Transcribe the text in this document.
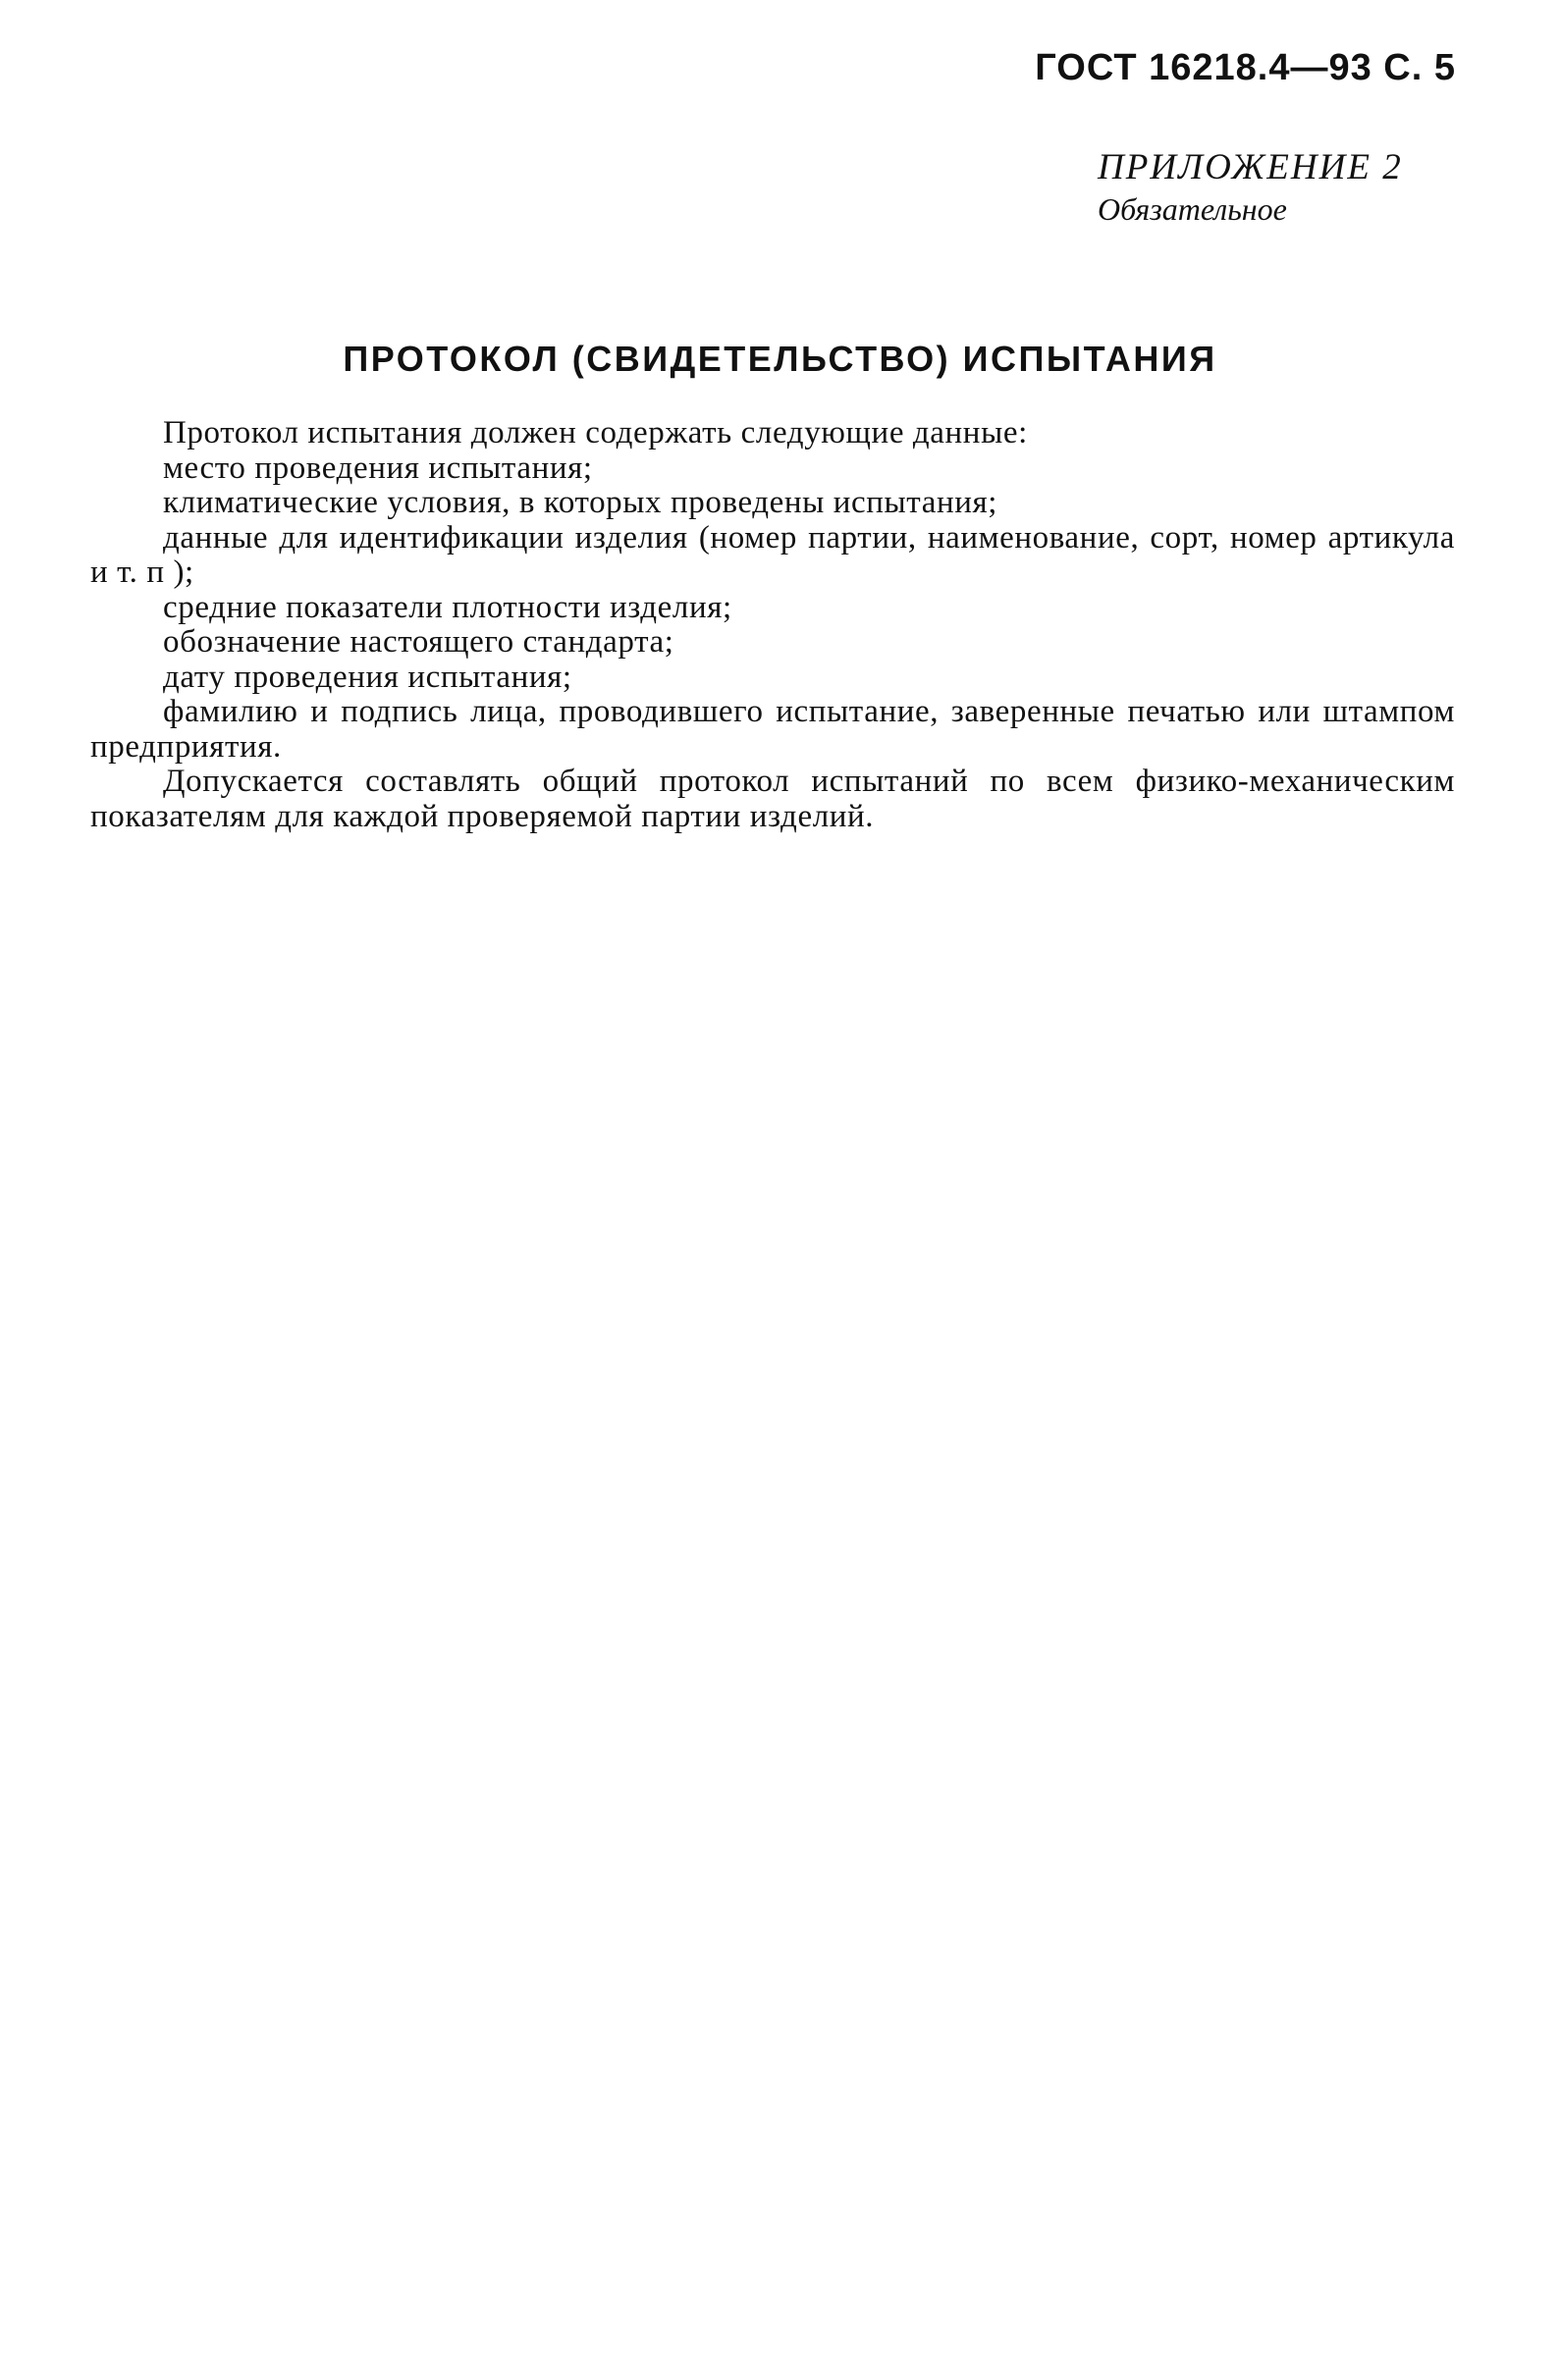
ГОСТ 16218.4—93 С. 5
ПРИЛОЖЕНИЕ 2
Обязательное
ПРОТОКОЛ (СВИДЕТЕЛЬСТВО) ИСПЫТАНИЯ

Протокол испытания должен содержать следующие данные:

место проведения испытания;

климатические условия, в которых проведены испытания;

данные для идентификации изделия (номер партии, наименование, сорт, номер артикула и т. п );

средние показатели плотности изделия;

обозначение настоящего стандарта;

дату проведения испытания;

фамилию и подпись лица, проводившего испытание, заверенные печатью или штампом предприятия.

Допускается составлять общий протокол испытаний по всем физико-механическим показателям для каждой проверяемой партии изделий.
